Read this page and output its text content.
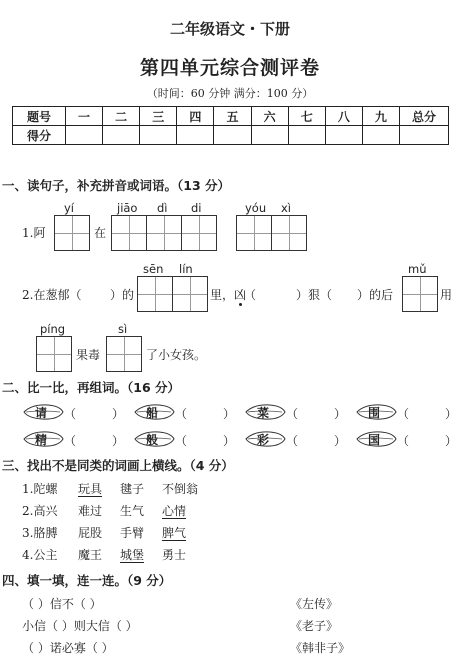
二年级语文・下册
第四单元综合测评卷
（时间：60 分钟 满分：100 分）
题号	一	二	三	四	五	六	七	八	九	总分
得分										
一、读句子，补充拼音或词语。（13 分）
yí	jiāo dì di	yóu xì
1.阿	在
sēn lín	mǔ
2.在葱郁（ ）的	里，凶
（	）狠（ ）的后	用
píng	sì
果毒	了小女孩。
二、比一比，再组词。（16 分）
请 （	） 船 （	） 菜 （	） 围 （	）
精 （	） 般 （	） 彩 （	） 国 （	）
三、找出不是同类的词画上横线。（4 分）
1.陀螺 玩具 毽子 不倒翁
2.高兴 难过 生气 心情
3.胳膊 屁股 手臂 脾气
4.公主 魔王 城堡 勇士
四、填一填，连一连。（9 分）
（ ）信不（ ）
小信（ ）则大信（ ）
（ ）诺必寡（ ）
《左传》
《老子》
《韩非子》
